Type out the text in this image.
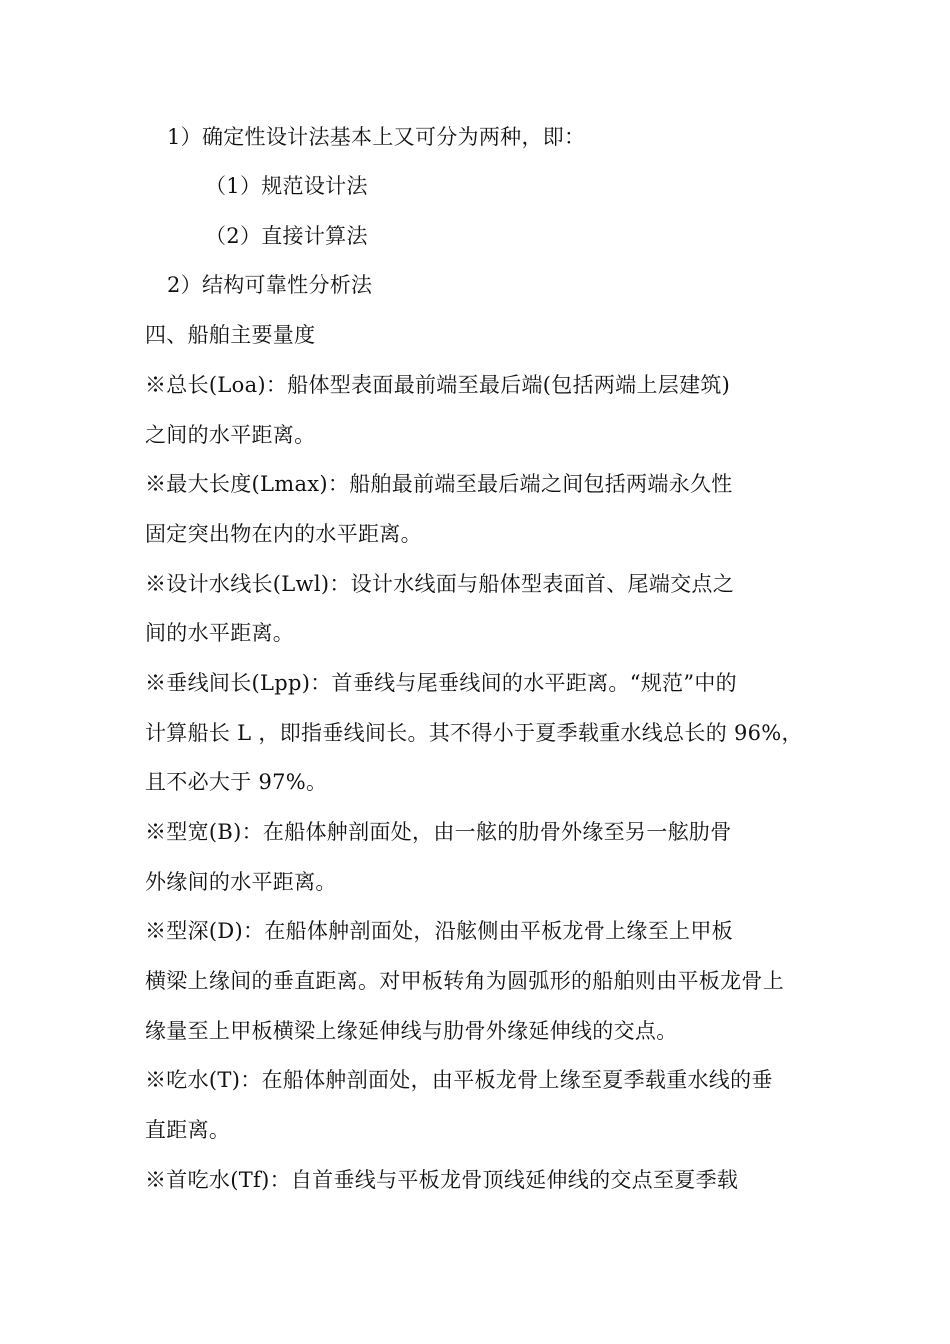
1）确定性设计法基本上又可分为两种，即：
（1）规范设计法
（2）直接计算法
2）结构可靠性分析法
四、船舶主要量度
※总长(Loa)：船体型表面最前端至最后端(包括两端上层建筑)
之间的水平距离。
※最大长度(Lmax)：船舶最前端至最后端之间包括两端永久性
固定突出物在内的水平距离。
※设计水线长(Lwl)：设计水线面与船体型表面首、尾端交点之
间的水平距离。
※垂线间长(Lpp)：首垂线与尾垂线间的水平距离。“规范”中的
计算船长 L ，即指垂线间长。其不得小于夏季载重水线总长的 96%，
且不必大于 97%。
※型宽(B)：在船体舯剖面处，由一舷的肋骨外缘至另一舷肋骨
外缘间的水平距离。
※型深(D)：在船体舯剖面处，沿舷侧由平板龙骨上缘至上甲板
横梁上缘间的垂直距离。对甲板转角为圆弧形的船舶则由平板龙骨上
缘量至上甲板横梁上缘延伸线与肋骨外缘延伸线的交点。
※吃水(T)：在船体舯剖面处，由平板龙骨上缘至夏季载重水线的垂
直距离。
※首吃水(Tf)：自首垂线与平板龙骨顶线延伸线的交点至夏季载
